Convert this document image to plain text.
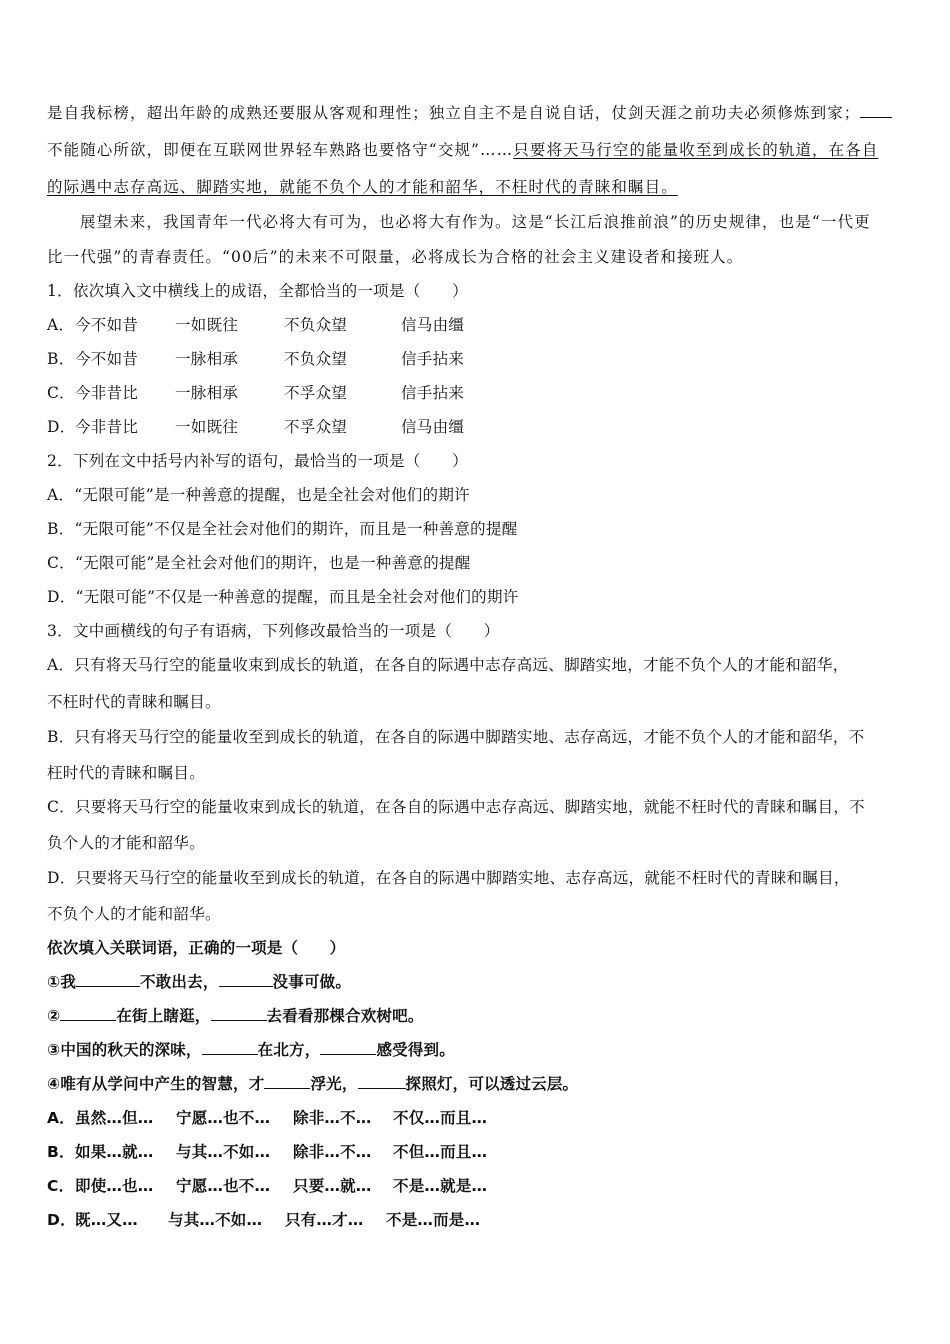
是自我标榜，超出年龄的成熟还要服从客观和理性；独立自主不是自说自话，仗剑天涯之前功夫必须修炼到家；
不能随心所欲，即便在互联网世界轻车熟路也要恪守“交规”……只要将天马行空的能量收至到成长的轨道，在各自
的际遇中志存高远、脚踏实地，就能不负个人的才能和韶华，不枉时代的青睐和瞩目。
展望未来，我国青年一代必将大有可为，也必将大有作为。这是“长江后浪推前浪”的历史规律，也是“一代更
比一代强”的青春责任。“00后”的未来不可限量，必将成长为合格的社会主义建设者和接班人。
1．依次填入文中横线上的成语，全都恰当的一项是（　　）
A．今不如昔 一如既往	不负众望	信马由缰
B．今不如昔 一脉相承	不负众望	信手拈来
C．今非昔比 一脉相承	不孚众望	信手拈来
D．今非昔比 一如既往	不孚众望	信马由缰
2．下列在文中括号内补写的语句，最恰当的一项是（　　）
A．“无限可能”是一种善意的提醒，也是全社会对他们的期许
B．“无限可能”不仅是全社会对他们的期许，而且是一种善意的提醒
C．“无限可能”是全社会对他们的期许，也是一种善意的提醒
D．“无限可能”不仅是一种善意的提醒，而且是全社会对他们的期许
3．文中画横线的句子有语病，下列修改最恰当的一项是（　　）
A．只有将天马行空的能量收束到成长的轨道，在各自的际遇中志存高远、脚踏实地，才能不负个人的才能和韶华，
不枉时代的青睐和瞩目。
B．只有将天马行空的能量收至到成长的轨道，在各自的际遇中脚踏实地、志存高远，才能不负个人的才能和韶华，不
枉时代的青睐和瞩目。
C．只要将天马行空的能量收束到成长的轨道，在各自的际遇中志存高远、脚踏实地，就能不枉时代的青睐和瞩目，不
负个人的才能和韶华。
D．只要将天马行空的能量收至到成长的轨道，在各自的际遇中脚踏实地、志存高远，就能不枉时代的青睐和瞩目，
不负个人的才能和韶华。
依次填入关联词语，正确的一项是（　　）
①我	不敢出去，	没事可做。
②	在街上瞎逛，	去看看那棵合欢树吧。
③中国的秋天的深味，	在北方，	感受得到。
④唯有从学问中产生的智慧，才	浮光，	探照灯，可以透过云层。
A．虽然…但… 宁愿…也不… 除非…不… 不仅…而且…
B．如果…就… 与其…不如… 除非…不… 不但…而且…
C．即使…也… 宁愿…也不… 只要…就… 不是…就是…
D．既…又… 与其…不如… 只有…才… 不是…而是…
